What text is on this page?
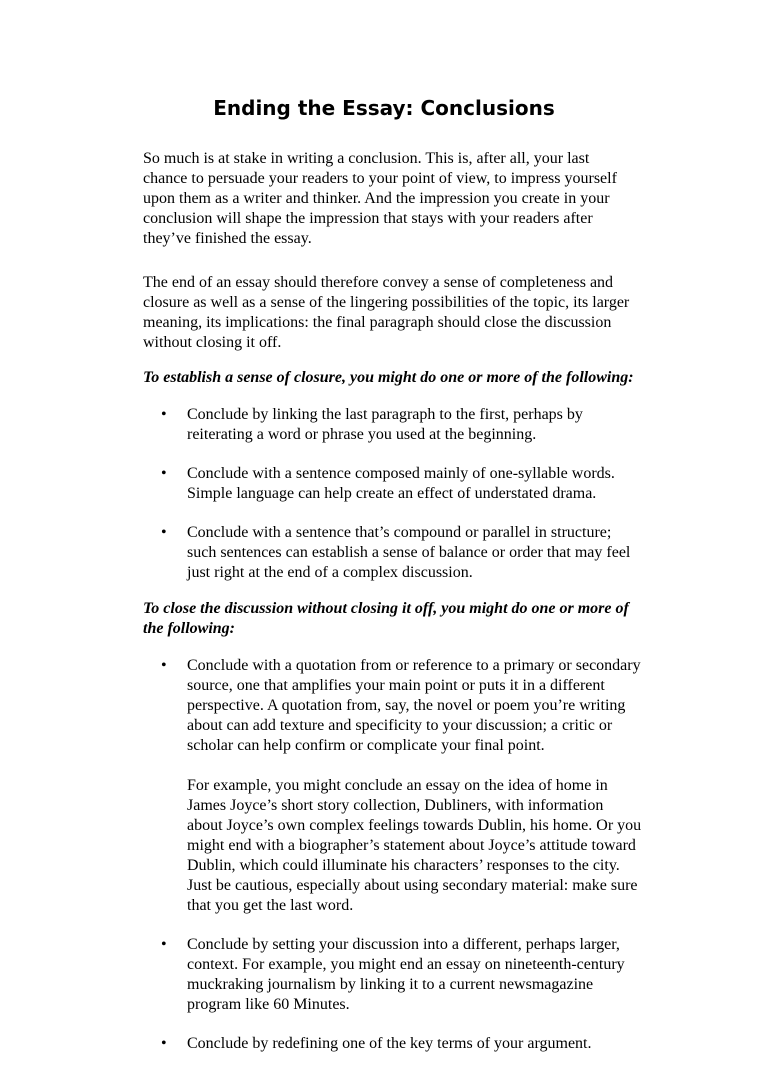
Ending the Essay: Conclusions

So much is at stake in writing a conclusion. This is, after all, your last chance to persuade your readers to your point of view, to impress yourself upon them as a writer and thinker. And the impression you create in your conclusion will shape the impression that stays with your readers after they’ve finished the essay.

The end of an essay should therefore convey a sense of completeness and closure as well as a sense of the lingering possibilities of the topic, its larger meaning, its implications: the final paragraph should close the discussion without closing it off.

To establish a sense of closure, you might do one or more of the following:

• Conclude by linking the last paragraph to the first, perhaps by reiterating a word or phrase you used at the beginning.
• Conclude with a sentence composed mainly of one-syllable words. Simple language can help create an effect of understated drama.
• Conclude with a sentence that’s compound or parallel in structure; such sentences can establish a sense of balance or order that may feel just right at the end of a complex discussion.

To close the discussion without closing it off, you might do one or more of the following:

• Conclude with a quotation from or reference to a primary or secondary source, one that amplifies your main point or puts it in a different perspective. A quotation from, say, the novel or poem you’re writing about can add texture and specificity to your discussion; a critic or scholar can help confirm or complicate your final point.

For example, you might conclude an essay on the idea of home in James Joyce’s short story collection, Dubliners, with information about Joyce’s own complex feelings towards Dublin, his home. Or you might end with a biographer’s statement about Joyce’s attitude toward Dublin, which could illuminate his characters’ responses to the city. Just be cautious, especially about using secondary material: make sure that you get the last word.

• Conclude by setting your discussion into a different, perhaps larger, context. For example, you might end an essay on nineteenth-century muckraking journalism by linking it to a current newsmagazine program like 60 Minutes.
• Conclude by redefining one of the key terms of your argument.
